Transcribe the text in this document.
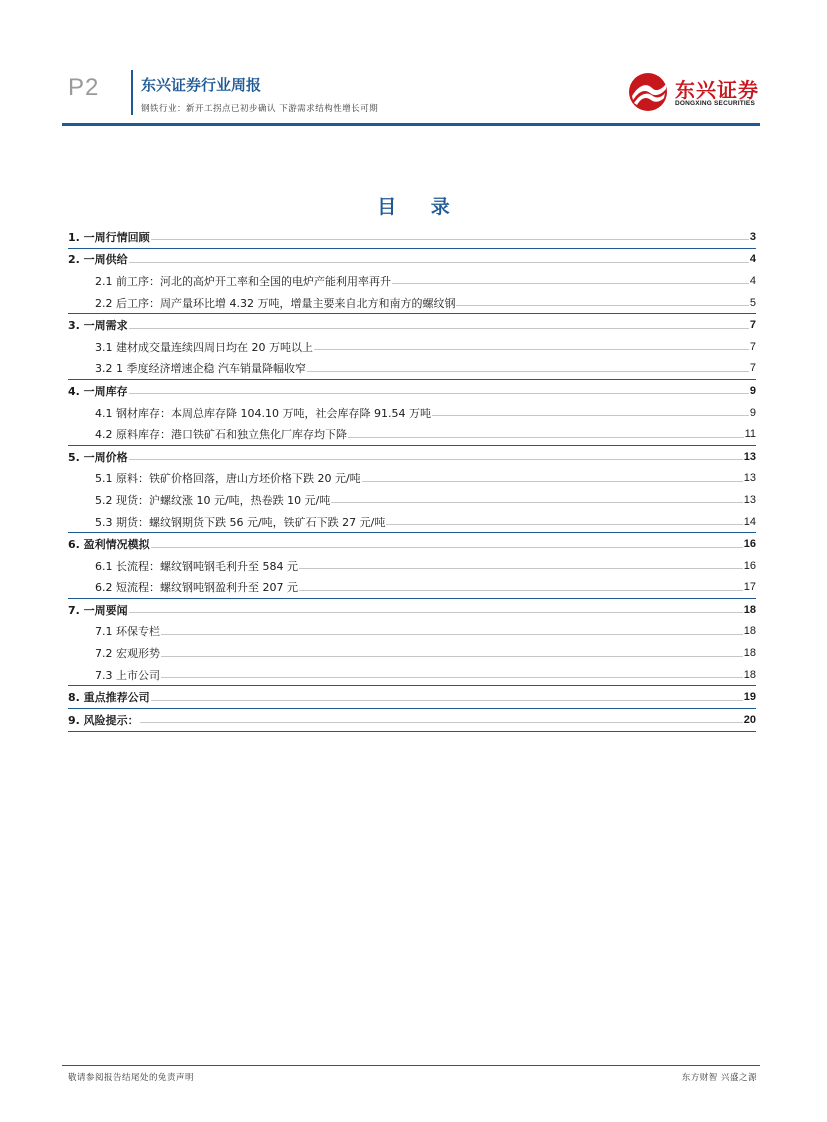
P2	东兴证券行业周报
钢铁行业：新开工拐点已初步确认 下游需求结构性增长可期
东兴证券
DONGXING SECURITIES
目 录
1. 一周行情回顾	3
2. 一周供给	4
2.1 前工序：河北的高炉开工率和全国的电炉产能利用率再升	4
2.2 后工序：周产量环比增 4.32 万吨，增量主要来自北方和南方的螺纹钢	5
3. 一周需求	7
3.1 建材成交量连续四周日均在 20 万吨以上	7
3.2 1 季度经济增速企稳 汽车销量降幅收窄	7
4. 一周库存	9
4.1 钢材库存：本周总库存降 104.10 万吨，社会库存降 91.54 万吨	9
4.2 原料库存：港口铁矿石和独立焦化厂库存均下降	11
5. 一周价格	13
5.1 原料：铁矿价格回落，唐山方坯价格下跌 20 元/吨	13
5.2 现货：沪螺纹涨 10 元/吨，热卷跌 10 元/吨	13
5.3 期货：螺纹钢期货下跌 56 元/吨，铁矿石下跌 27 元/吨	14
6. 盈利情况模拟	16
6.1 长流程：螺纹钢吨钢毛利升至 584 元	16
6.2 短流程：螺纹钢吨钢盈利升至 207 元	17
7. 一周要闻	18
7.1 环保专栏	18
7.2 宏观形势	18
7.3 上市公司	18
8. 重点推荐公司	19
9. 风险提示：	20
敬请参阅报告结尾处的免责声明	东方财智 兴盛之源
